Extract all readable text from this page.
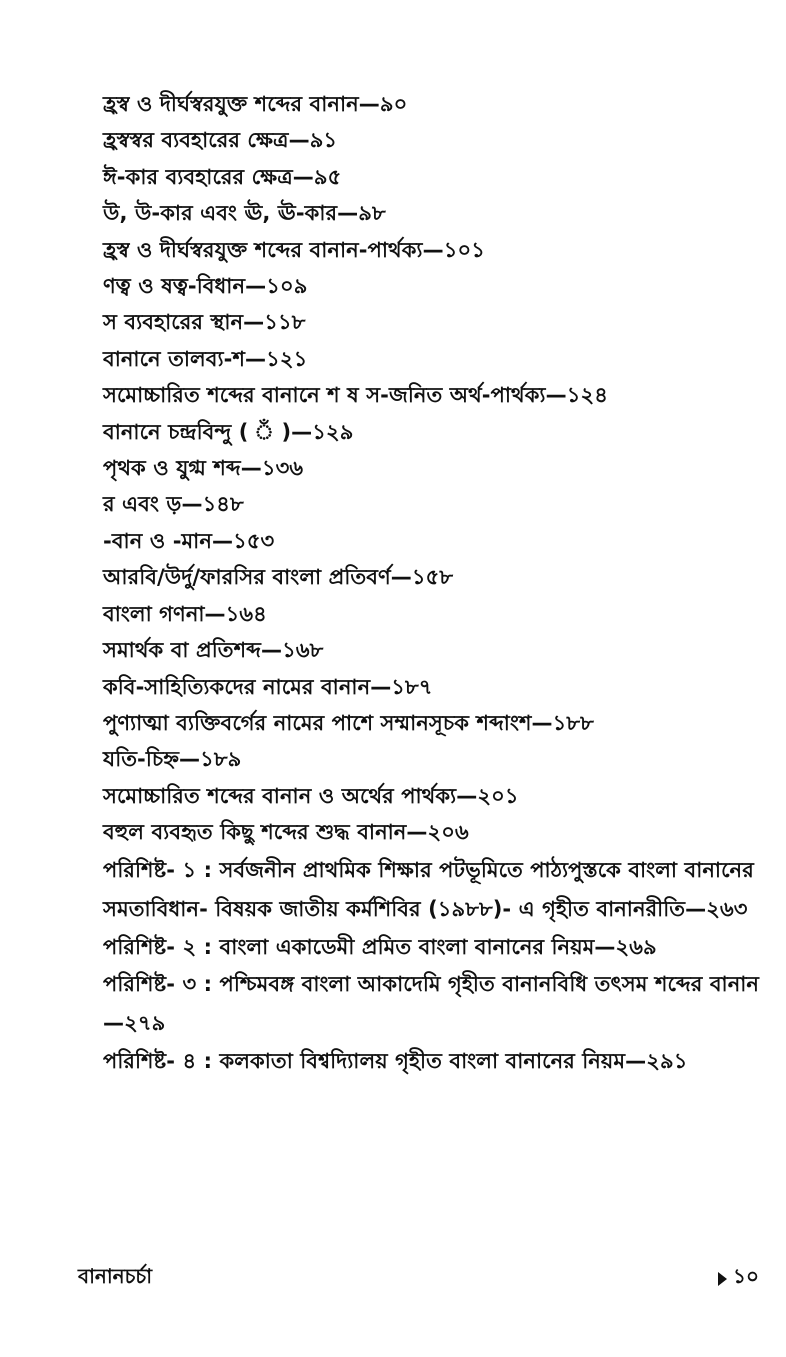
হ্রস্ব ও দীর্ঘস্বরযুক্ত শব্দের বানান—৯০
হ্রস্বস্বর ব্যবহারের ক্ষেত্র—৯১
ঈ-কার ব্যবহারের ক্ষেত্র—৯৫
উ, উ-কার এবং ঊ, ঊ-কার—৯৮
হ্রস্ব ও দীর্ঘস্বরযুক্ত শব্দের বানান-পার্থক্য—১০১
ণত্ব ও ষত্ব-বিধান—১০৯
স ব্যবহারের স্থান—১১৮
বানানে তালব্য-শ—১২১
সমোচ্চারিত শব্দের বানানে শ ষ স-জনিত অর্থ-পার্থক্য—১২৪
বানানে চন্দ্রবিন্দু ( ঁ )—১২৯
পৃথক ও যুগ্ম শব্দ—১৩৬
র এবং ড়—১৪৮
-বান ও -মান—১৫৩
আরবি/উর্দু/ফারসির বাংলা প্রতিবর্ণ—১৫৮
বাংলা গণনা—১৬৪
সমার্থক বা প্রতিশব্দ—১৬৮
কবি-সাহিত্যিকদের নামের বানান—১৮৭
পুণ্যাত্মা ব্যক্তিবর্গের নামের পাশে সম্মানসূচক শব্দাংশ—১৮৮
যতি-চিহ্ন—১৮৯
সমোচ্চারিত শব্দের বানান ও অর্থের পার্থক্য—২০১
বহুল ব্যবহৃত কিছু শব্দের শুদ্ধ বানান—২০৬
পরিশিষ্ট- ১ : সর্বজনীন প্রাথমিক শিক্ষার পটভূমিতে পাঠ্যপুস্তকে বাংলা বানানের সমতাবিধান- বিষয়ক জাতীয় কর্মশিবির (১৯৮৮)- এ গৃহীত বানানরীতি—২৬৩
পরিশিষ্ট- ২ : বাংলা একাডেমী প্রমিত বাংলা বানানের নিয়ম—২৬৯
পরিশিষ্ট- ৩ : পশ্চিমবঙ্গ বাংলা আকাদেমি গৃহীত বানানবিধি তৎসম শব্দের বানান—২৭৯
পরিশিষ্ট- ৪ : কলকাতা বিশ্বদ্যিালয় গৃহীত বাংলা বানানের নিয়ম—২৯১
বানানচর্চা	১০
